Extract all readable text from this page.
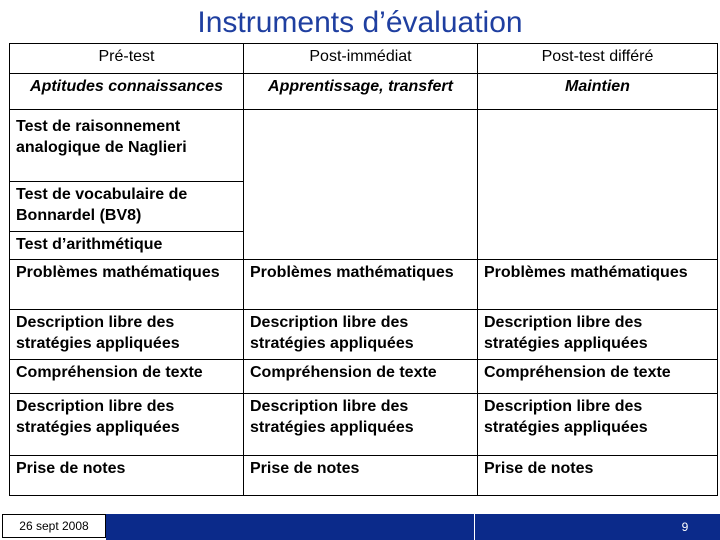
Instruments d’évaluation
Pré-test	Post-immédiat	Post-test différé
Aptitudes connaissances	Apprentissage, transfert	Maintien
Test de raisonnement analogique de Naglieri		
Test de vocabulaire de Bonnardel (BV8)		
Test d’arithmétique		
Problèmes mathématiques	Problèmes mathématiques	Problèmes mathématiques
Description libre des stratégies appliquées	Description libre des stratégies appliquées	Description libre des stratégies appliquées
Compréhension de texte	Compréhension de texte	Compréhension de texte
Description libre des stratégies appliquées	Description libre des stratégies appliquées	Description libre des stratégies appliquées
Prise de notes	Prise de notes	Prise de notes
26 sept 2008	9
